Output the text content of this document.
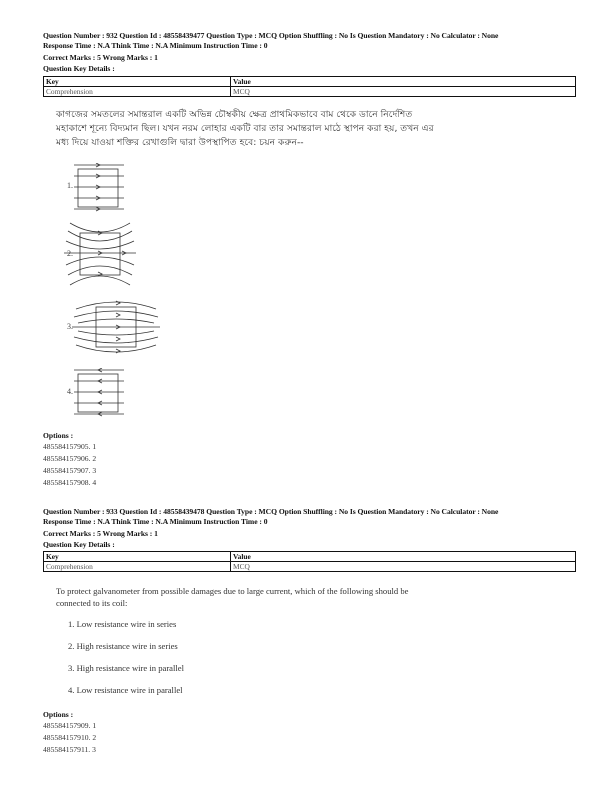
Question Number : 932 Question Id : 48558439477 Question Type : MCQ Option Shuffling : No Is Question Mandatory : No Calculator : None
Response Time : N.A Think Time : N.A Minimum Instruction Time : 0
Correct Marks : 5 Wrong Marks : 1
Question Key Details :
Key	Value
Comprehension	MCQ
কাগজের সমতলের সমান্তরাল একটি অভিন্ন চৌম্বকীয় ক্ষেত্র প্রাথমিকভাবে বাম থেকে ডানে নির্দেশিত
মহাকাশে শূন্যে বিদ্যমান ছিল। যখন নরম লোহার একটি বার তার সমান্তরাল মাঠে স্থাপন করা হয়, তখন এর
মধ্য দিয়ে যাওয়া শক্তির রেখাগুলি দ্বারা উপস্থাপিত হবে: চয়ন করুন--
1.
2.
3.
4.
Options :
485584157905. 1
485584157906. 2
485584157907. 3
485584157908. 4
Question Number : 933 Question Id : 48558439478 Question Type : MCQ Option Shuffling : No Is Question Mandatory : No Calculator : None
Response Time : N.A Think Time : N.A Minimum Instruction Time : 0
Correct Marks : 5 Wrong Marks : 1
Question Key Details :
Key	Value
Comprehension	MCQ
To protect galvanometer from possible damages due to large current, which of the following should be
connected to its coil:
1. Low resistance wire in series
2. High resistance wire in series
3. High resistance wire in parallel
4. Low resistance wire in parallel
Options :
485584157909. 1
485584157910. 2
485584157911. 3
